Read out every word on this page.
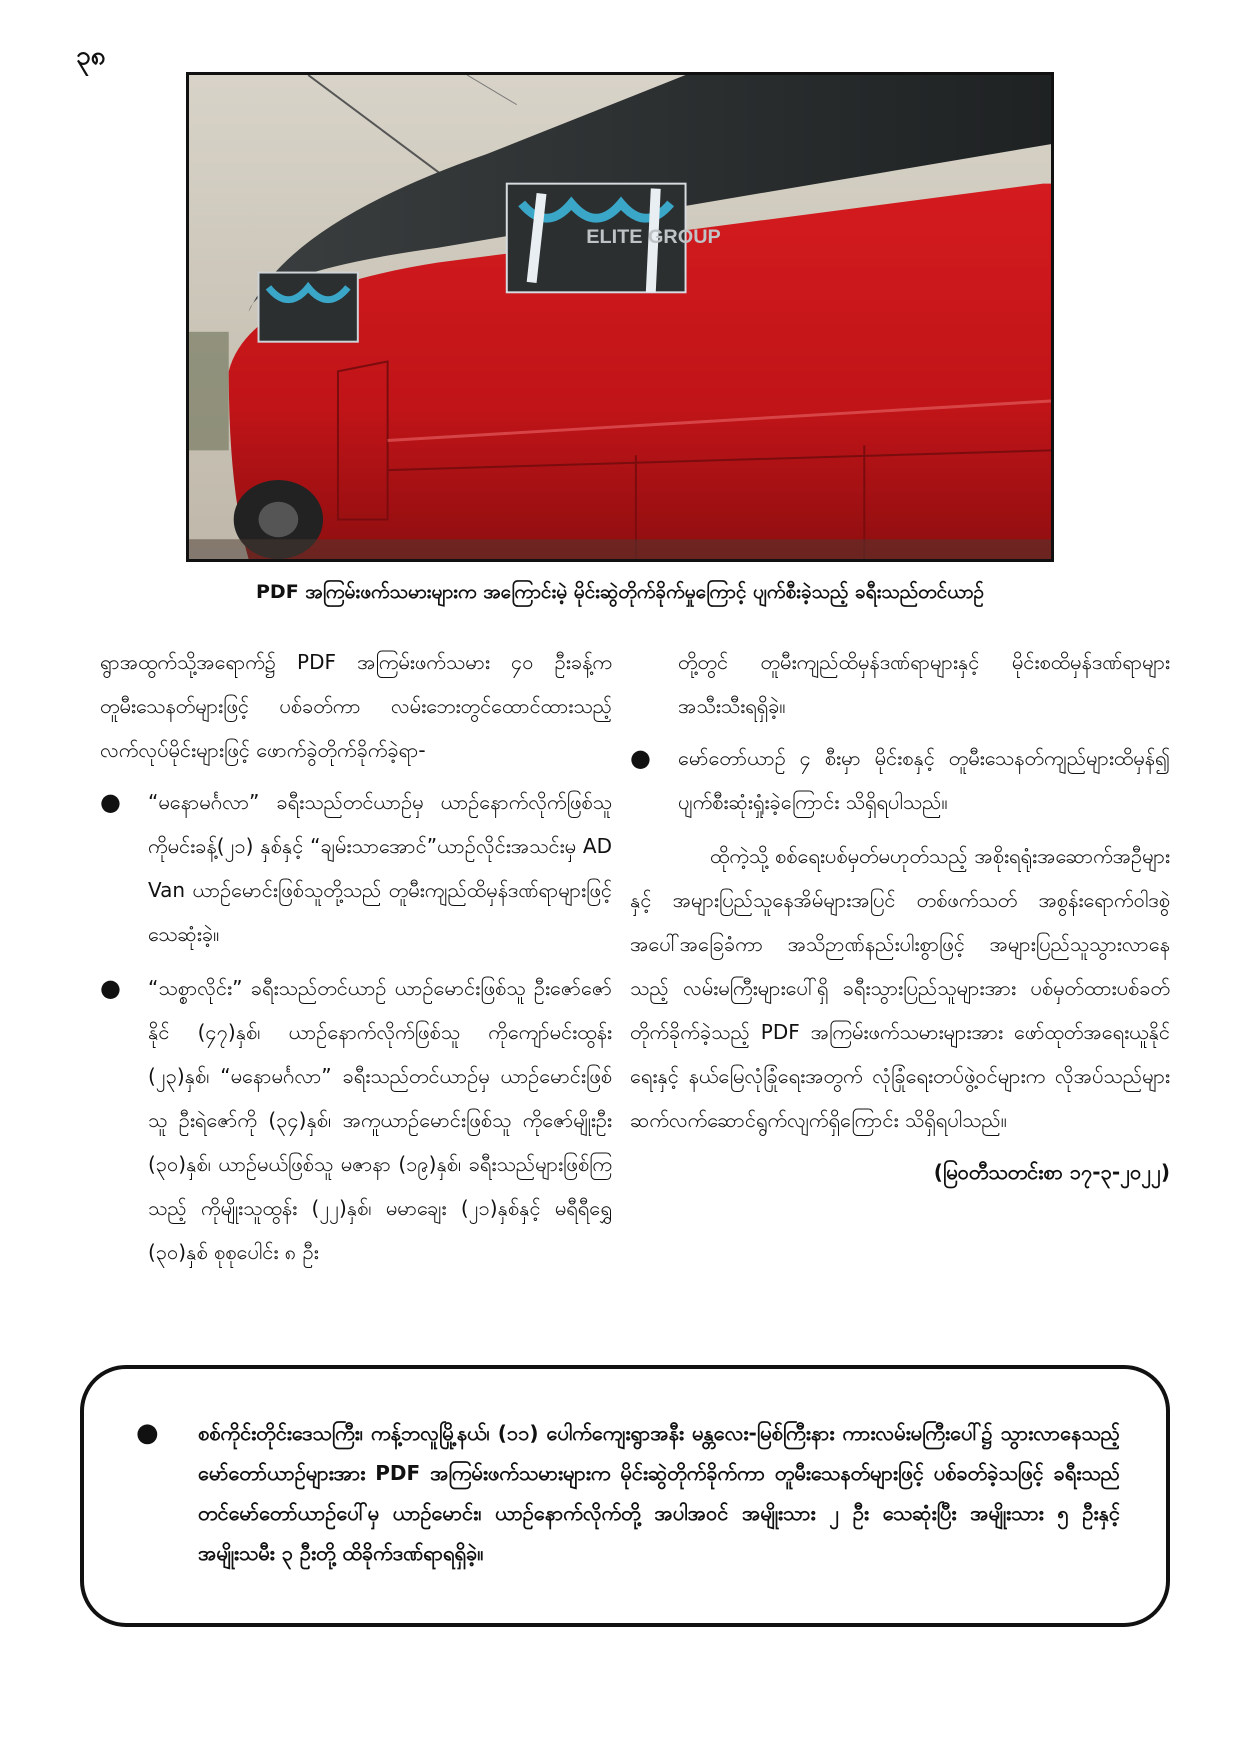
၃၈
ELITE GROUP
PDF အကြမ်းဖက်သမားများက အကြောင်းမဲ့ မိုင်းဆွဲတိုက်ခိုက်မှုကြောင့် ပျက်စီးခဲ့သည့် ခရီးသည်တင်ယာဉ်

ရွာအထွက်သို့အရောက်၌ PDF အကြမ်းဖက်သမား ၄၀ ဦးခန့်က တူမီးသေနတ်များဖြင့် ပစ်ခတ်ကာ လမ်းဘေးတွင်ထောင်ထားသည့် လက်လုပ်မိုင်းများဖြင့် ဖောက်ခွဲတိုက်ခိုက်ခဲ့ရာ-

● “မနောမင်္ဂလာ” ခရီးသည်တင်ယာဉ်မှ ယာဉ်နောက်လိုက်ဖြစ်သူ ကိုမင်းခန့်(၂၁) နှစ်နှင့် “ချမ်းသာအောင်”ယာဉ်လိုင်းအသင်းမှ AD Van ယာဉ်မောင်းဖြစ်သူတို့သည် တူမီးကျည်ထိမှန်ဒဏ်ရာများဖြင့် သေဆုံးခဲ့။
● “သစ္စာလိုင်း” ခရီးသည်တင်ယာဉ် ယာဉ်မောင်းဖြစ်သူ ဦးဇော်ဇော်နိုင် (၄၇)နှစ်၊ ယာဉ်နောက်လိုက်ဖြစ်သူ ကိုကျော်မင်းထွန်း (၂၃)နှစ်၊ “မနောမင်္ဂလာ” ခရီးသည်တင်ယာဉ်မှ ယာဉ်မောင်းဖြစ်သူ ဦးရဲဇော်ကို (၃၄)နှစ်၊ အကူယာဉ်မောင်းဖြစ်သူ ကိုဇော်မျိုးဦး (၃၀)နှစ်၊ ယာဉ်မယ်ဖြစ်သူ မဇာနာ (၁၉)နှစ်၊ ခရီးသည်များဖြစ်ကြသည့် ကိုမျိုးသူထွန်း (၂၂)နှစ်၊ မမာချေး (၂၁)နှစ်နှင့် မရီရီရွှေ (၃၀)နှစ် စုစုပေါင်း ၈ ဦး

တို့တွင် တူမီးကျည်ထိမှန်ဒဏ်ရာများနှင့် မိုင်းစထိမှန်ဒဏ်ရာများ အသီးသီးရရှိခဲ့။

● မော်တော်ယာဉ် ၄ စီးမှာ မိုင်းစနှင့် တူမီးသေနတ်ကျည်များထိမှန်၍ ပျက်စီးဆုံးရှုံးခဲ့ကြောင်း သိရှိရပါသည်။

ထိုကဲ့သို့ စစ်ရေးပစ်မှတ်မဟုတ်သည့် အစိုးရရုံးအဆောက်အဦများနှင့် အများပြည်သူနေအိမ်များအပြင် တစ်ဖက်သတ် အစွန်းရောက်ဝါဒစွဲအပေါ်အခြေခံကာ အသိဉာဏ်နည်းပါးစွာဖြင့် အများပြည်သူသွားလာနေသည့် လမ်းမကြီးများပေါ်ရှိ ခရီးသွားပြည်သူများအား ပစ်မှတ်ထားပစ်ခတ်တိုက်ခိုက်ခဲ့သည့် PDF အကြမ်းဖက်သမားများအား ဖော်ထုတ်အရေးယူနိုင်ရေးနှင့် နယ်မြေလုံခြုံရေးအတွက် လုံခြုံရေးတပ်ဖွဲ့ဝင်များက လိုအပ်သည်များ ဆက်လက်ဆောင်ရွက်လျက်ရှိကြောင်း သိရှိရပါသည်။

(မြဝတီသတင်းစာ ၁၇-၃-၂၀၂၂)

● စစ်ကိုင်းတိုင်းဒေသကြီး၊ ကန့်ဘလူမြို့နယ်၊ (၁၁) ပေါက်ကျေးရွာအနီး မန္တလေး-မြစ်ကြီးနား ကားလမ်းမကြီးပေါ်၌ သွားလာနေသည့် မော်တော်ယာဉ်များအား PDF အကြမ်းဖက်သမားများက မိုင်းဆွဲတိုက်ခိုက်ကာ တူမီးသေနတ်များဖြင့် ပစ်ခတ်ခဲ့သဖြင့် ခရီးသည်တင်မော်တော်ယာဉ်ပေါ်မှ ယာဉ်မောင်း၊ ယာဉ်နောက်လိုက်တို့ အပါအဝင် အမျိုးသား ၂ ဦး သေဆုံးပြီး အမျိုးသား ၅ ဦးနှင့် အမျိုးသမီး ၃ ဦးတို့ ထိခိုက်ဒဏ်ရာရရှိခဲ့။
